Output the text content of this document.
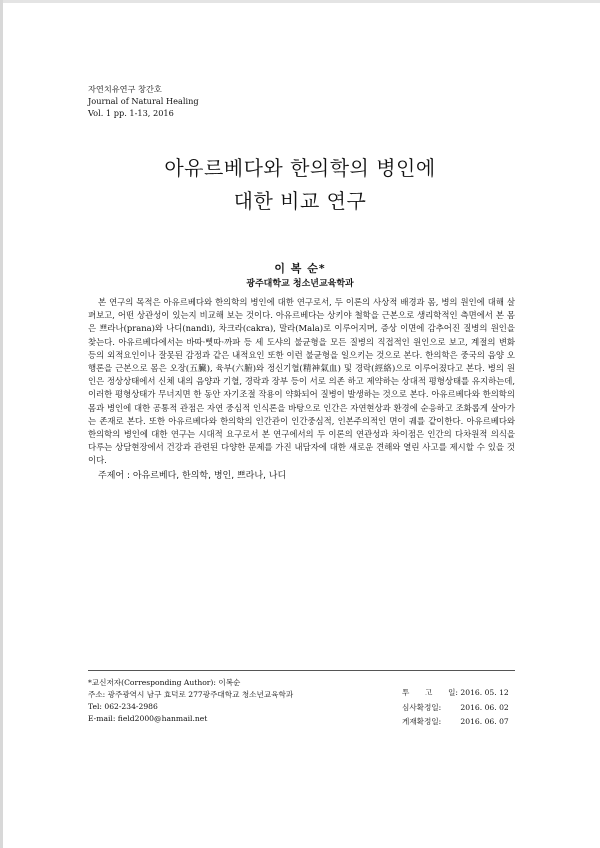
자연치유연구 창간호
Journal of Natural Healing
Vol. 1 pp. 1-13, 2016
아유르베다와 한의학의 병인에
대한 비교 연구
이 복 순*
광주대학교 청소년교육학과
본 연구의 목적은 아유르베다와 한의학의 병인에 대한 연구로서, 두 이론의 사상적 배경과 몸, 병의 원인에 대해 살펴보고, 어떤 상관성이 있는지 비교해 보는 것이다. 아유르베다는 상키야 철학을 근본으로 생리학적인 측면에서 본 몸은 쁘라나(prana)와 나디(nandi), 차크라(cakra), 말라(Mala)로 이루어지며, 증상 이면에 감추어진 질병의 원인을 찾는다. 아유르베다에서는 바따·삣따·까파 등 세 도샤의 불균형을 모든 질병의 직접적인 원인으로 보고, 계절의 변화 등의 외적요인이나 잘못된 감정과 같은 내적요인 또한 이런 불균형을 일으키는 것으로 본다. 한의학은 중국의 음양 오행론을 근본으로 몸은 오장(五臟), 육부(六腑)와 정신기혈(精神氣血) 및 경락(經絡)으로 이루어졌다고 본다. 병의 원인은 정상상태에서 신체 내의 음양과 기혈, 경락과 장부 등이 서로 의존 하고 제약하는 상대적 평형상태를 유지하는데, 이러한 평형상태가 무너지면 한 동안 자기조절 작용이 약화되어 질병이 발생하는 것으로 본다. 아유르베다와 한의학의 몸과 병인에 대한 공통적 관점은 자연 중심적 인식론을 바탕으로 인간은 자연현상과 환경에 순응하고 조화롭게 살아가는 존재로 본다. 또한 아유르베다와 한의학의 인간관이 인간중심적, 인본주의적인 면이 궤를 같이한다. 아유르베다와 한의학의 병인에 대한 연구는 시대적 요구로서 본 연구에서의 두 이론의 연관성과 차이점은 인간의 다차원적 의식을 다루는 상담현장에서 건강과 관련된 다양한 문제를 가진 내담자에 대한 새로운 견해와 열린 사고를 제시할 수 있을 것이다.
주제어 : 아유르베다, 한의학, 병인, 쁘라나, 나디
*교신저자(Corresponding Author): 이복순
주소: 광주광역시 남구 효덕로 277광주대학교 청소년교육학과
Tel: 062-234-2986
E-mail: field2000@hanmail.net
투 고 일: 2016. 05. 12
심사확정일:	2016. 06. 02
게재확정일:	2016. 06. 07
